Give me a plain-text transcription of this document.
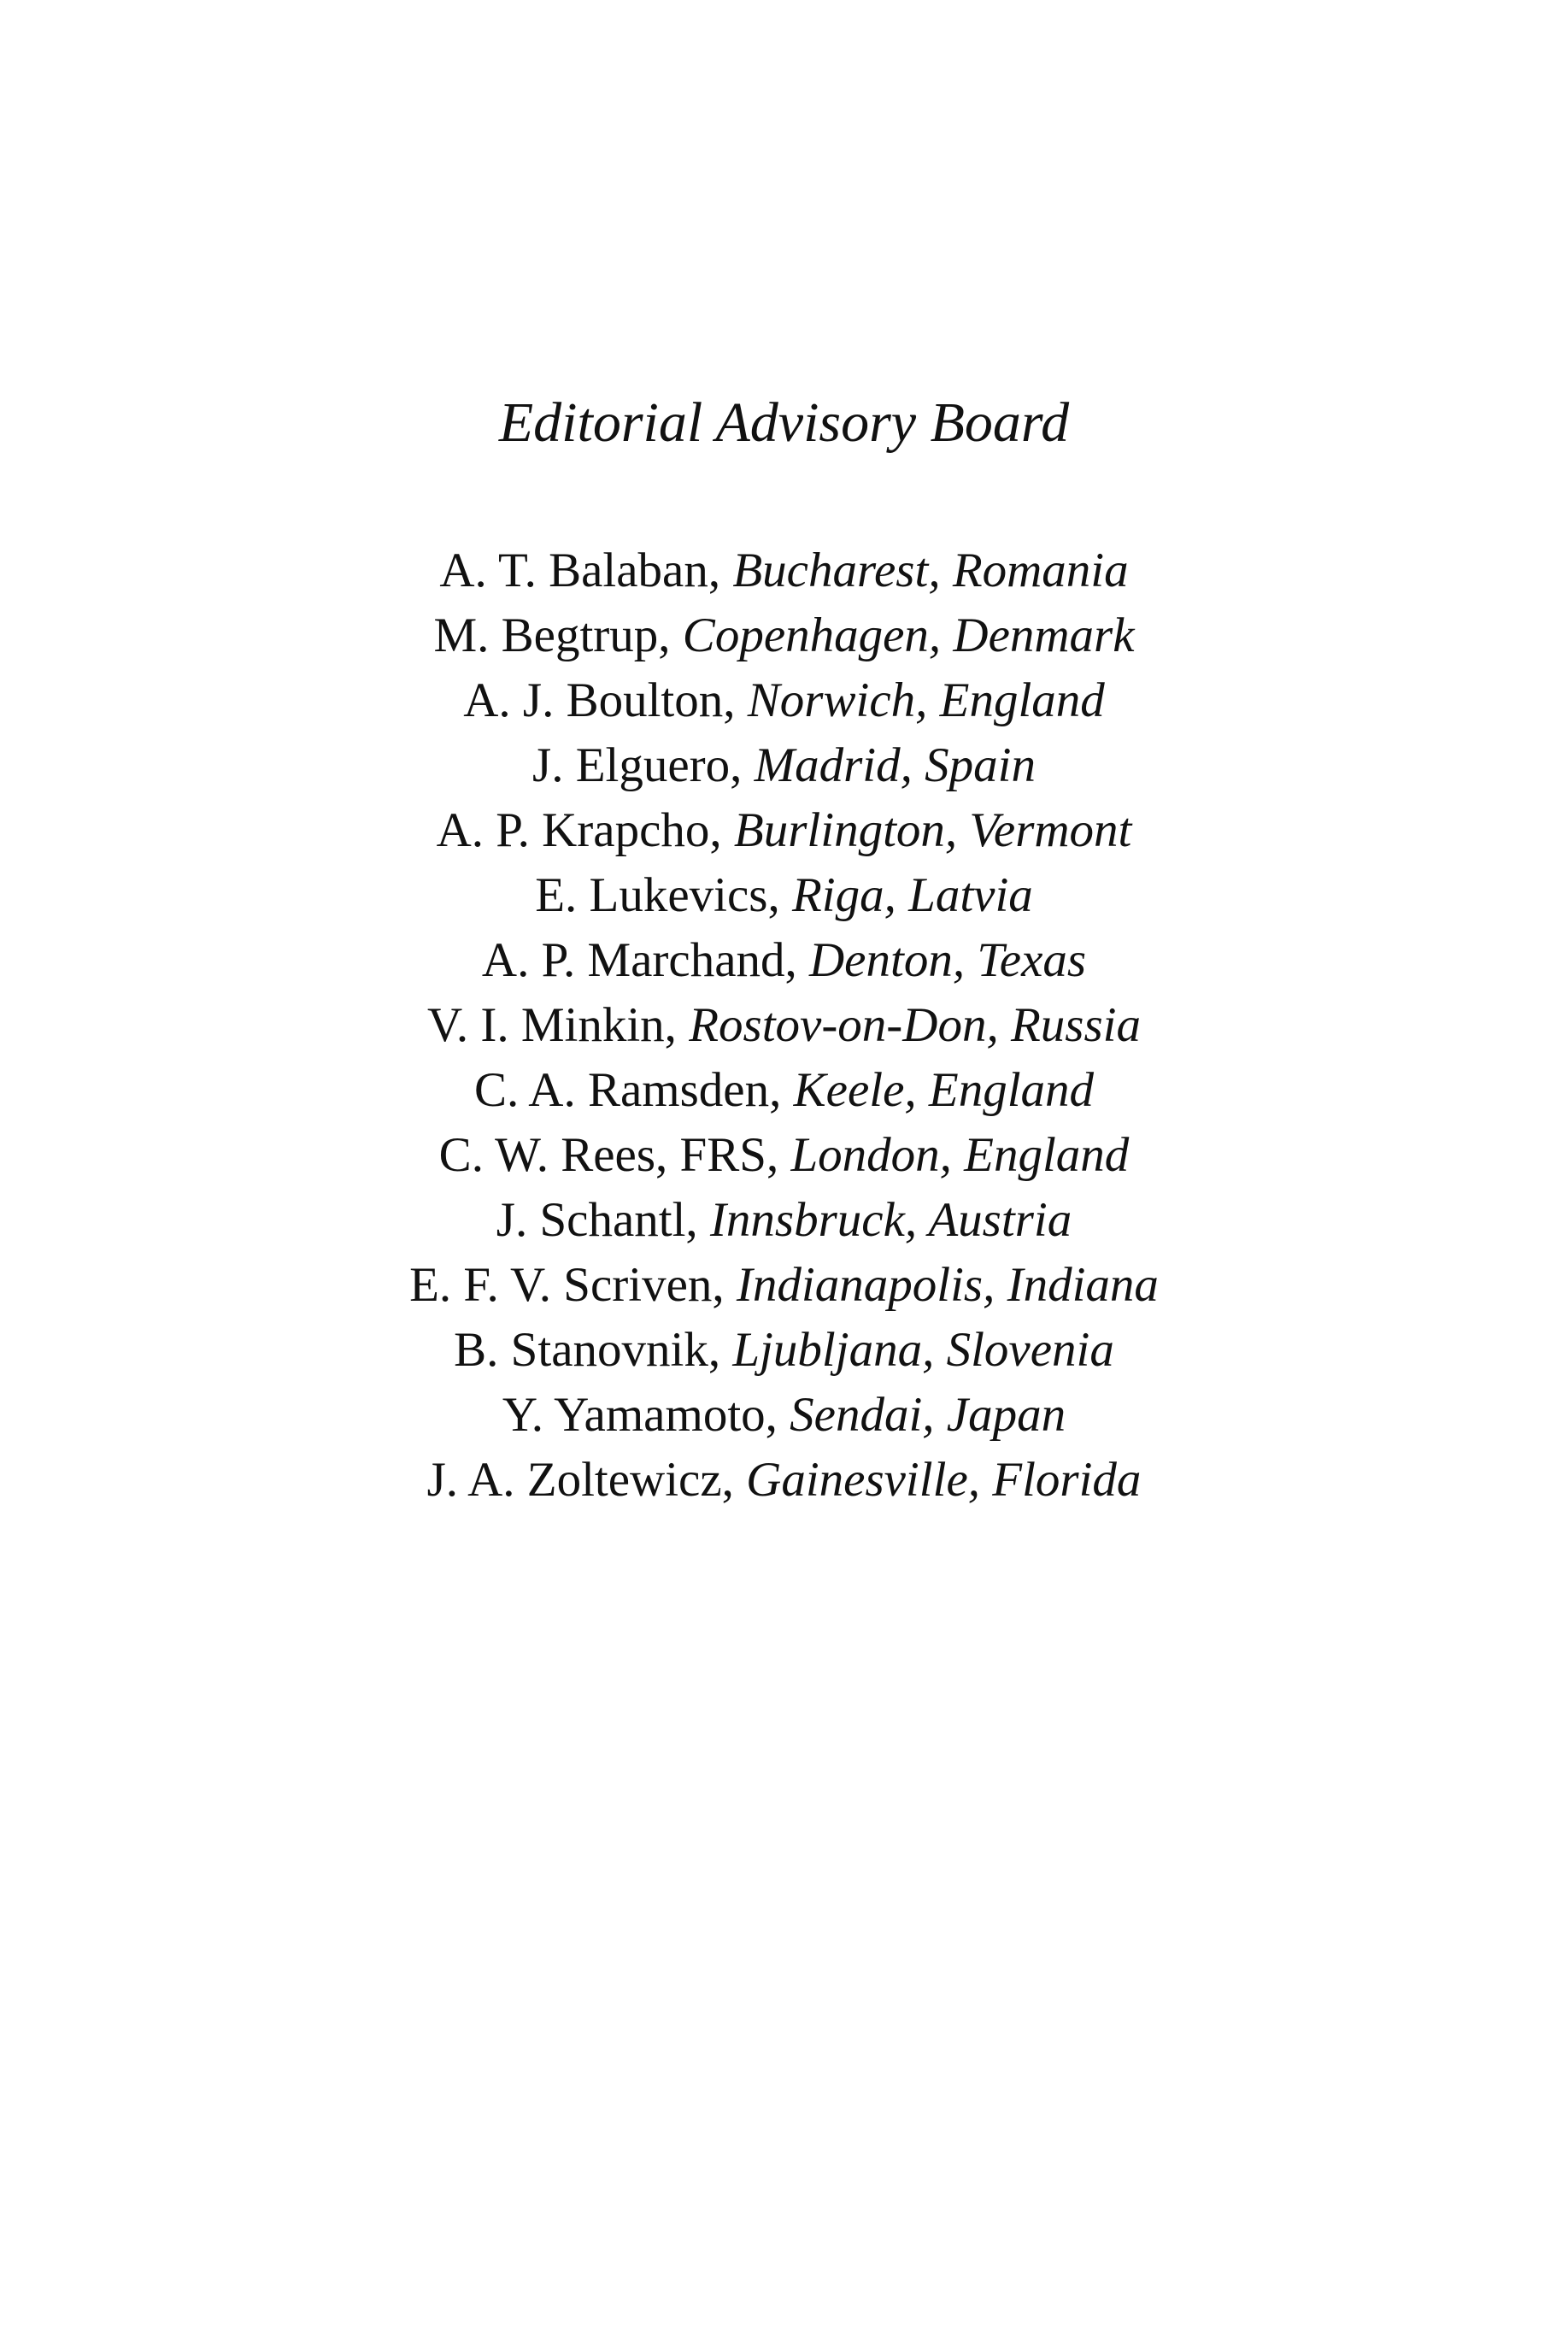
Editorial Advisory Board
A. T. Balaban, Bucharest, Romania
M. Begtrup, Copenhagen, Denmark
A. J. Boulton, Norwich, England
J. Elguero, Madrid, Spain
A. P. Krapcho, Burlington, Vermont
E. Lukevics, Riga, Latvia
A. P. Marchand, Denton, Texas
V. I. Minkin, Rostov-on-Don, Russia
C. A. Ramsden, Keele, England
C. W. Rees, FRS, London, England
J. Schantl, Innsbruck, Austria
E. F. V. Scriven, Indianapolis, Indiana
B. Stanovnik, Ljubljana, Slovenia
Y. Yamamoto, Sendai, Japan
J. A. Zoltewicz, Gainesville, Florida
